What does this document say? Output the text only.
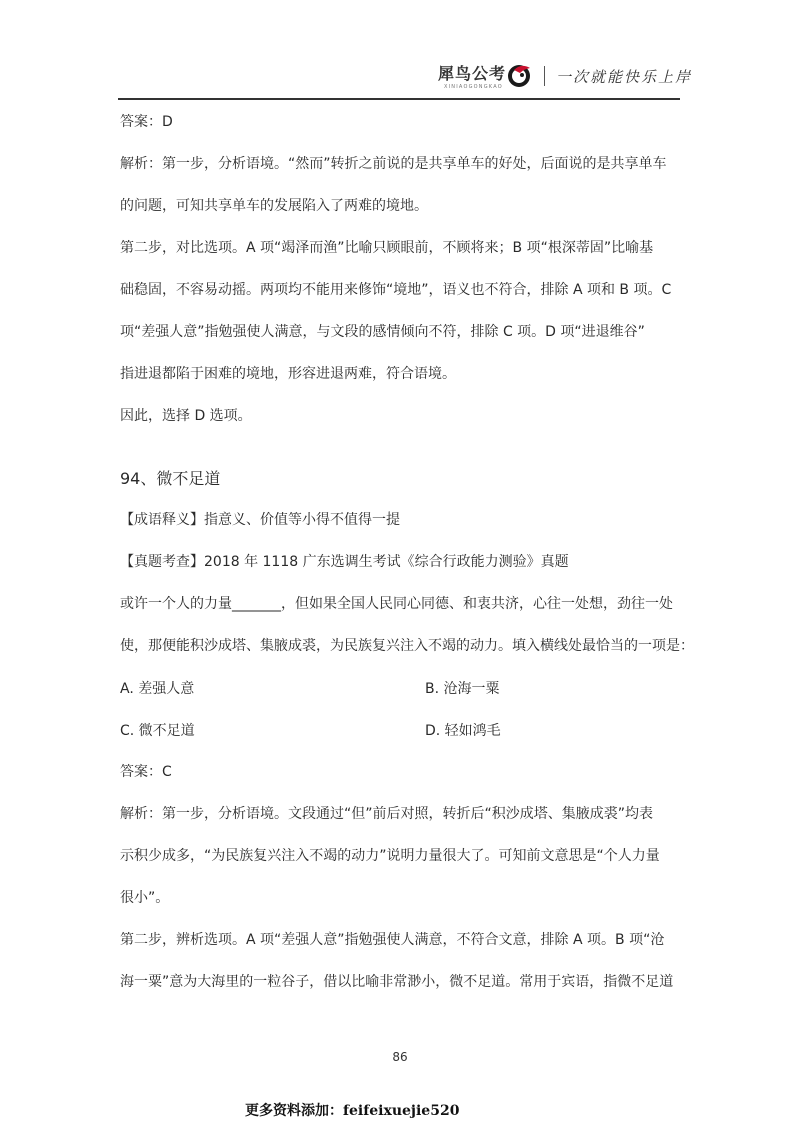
犀鸟公考
XINIAOGONGKAO
一次就能快乐上岸
答案：D
解析：第一步，分析语境。“然而”转折之前说的是共享单车的好处，后面说的是共享单车
的问题，可知共享单车的发展陷入了两难的境地。
第二步，对比选项。A 项“竭泽而渔”比喻只顾眼前，不顾将来；B 项“根深蒂固”比喻基
础稳固，不容易动摇。两项均不能用来修饰“境地”，语义也不符合，排除 A 项和 B 项。C
项“差强人意”指勉强使人满意，与文段的感情倾向不符，排除 C 项。D 项“进退维谷”
指进退都陷于困难的境地，形容进退两难，符合语境。
因此，选择 D 选项。
94、微不足道
【成语释义】指意义、价值等小得不值得一提
【真题考查】2018 年 1118 广东选调生考试《综合行政能力测验》真题
或许一个人的力量_______，但如果全国人民同心同德、和衷共济，心往一处想，劲往一处
使，那便能积沙成塔、集腋成裘，为民族复兴注入不竭的动力。填入横线处最恰当的一项是：
A. 差强人意	B. 沧海一粟
C. 微不足道	D. 轻如鸿毛
答案：C
解析：第一步，分析语境。文段通过“但”前后对照，转折后“积沙成塔、集腋成裘”均表
示积少成多，“为民族复兴注入不竭的动力”说明力量很大了。可知前文意思是“个人力量
很小”。
第二步，辨析选项。A 项“差强人意”指勉强使人满意，不符合文意，排除 A 项。B 项“沧
海一粟”意为大海里的一粒谷子，借以比喻非常渺小，微不足道。常用于宾语，指微不足道
86
更多资料添加：feifeixuejie520
